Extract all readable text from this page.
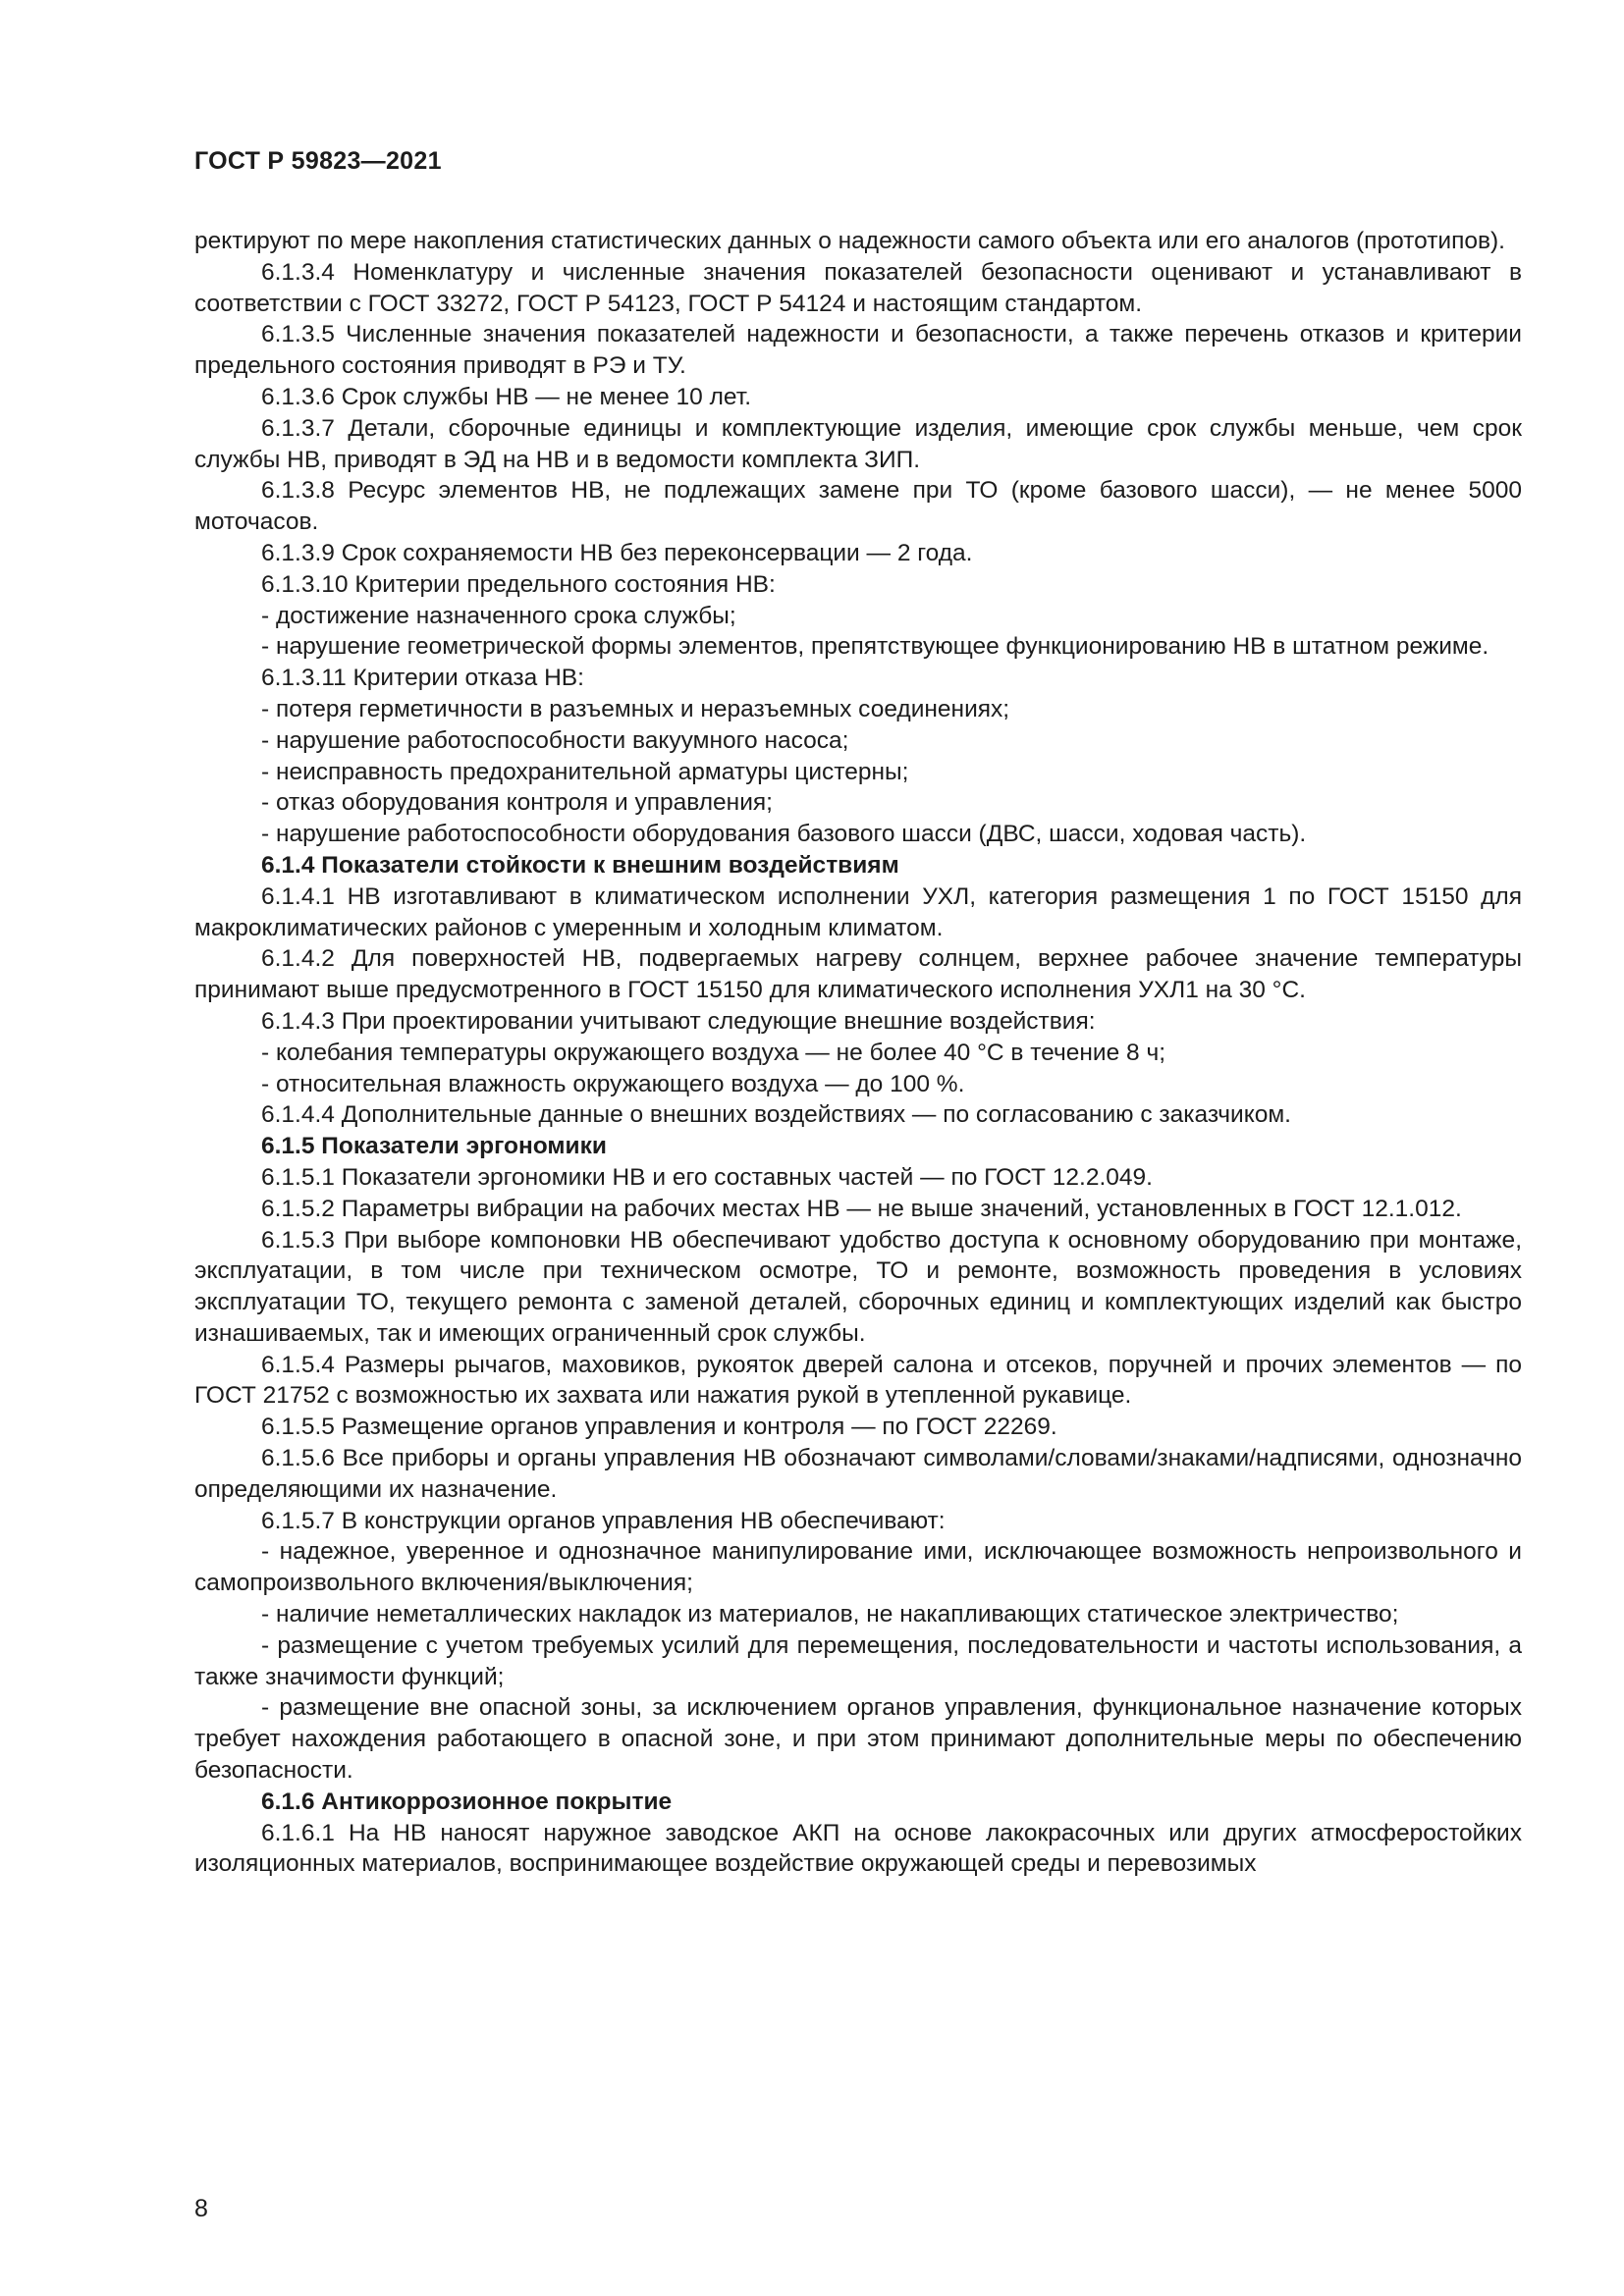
ГОСТ Р 59823—2021

ректируют по мере накопления статистических данных о надежности самого объекта или его аналогов (прототипов).

6.1.3.4 Номенклатуру и численные значения показателей безопасности оценивают и устанавливают в соответствии с ГОСТ 33272, ГОСТ Р 54123, ГОСТ Р 54124 и настоящим стандартом.

6.1.3.5 Численные значения показателей надежности и безопасности, а также перечень отказов и критерии предельного состояния приводят в РЭ и ТУ.

6.1.3.6 Срок службы НВ — не менее 10 лет.

6.1.3.7 Детали, сборочные единицы и комплектующие изделия, имеющие срок службы меньше, чем срок службы НВ, приводят в ЭД на НВ и в ведомости комплекта ЗИП.

6.1.3.8 Ресурс элементов НВ, не подлежащих замене при ТО (кроме базового шасси), — не менее 5000 моточасов.

6.1.3.9 Срок сохраняемости НВ без переконсервации — 2 года.

6.1.3.10 Критерии предельного состояния НВ:

- достижение назначенного срока службы;

- нарушение геометрической формы элементов, препятствующее функционированию НВ в штатном режиме.

6.1.3.11 Критерии отказа НВ:

- потеря герметичности в разъемных и неразъемных соединениях;

- нарушение работоспособности вакуумного насоса;

- неисправность предохранительной арматуры цистерны;

- отказ оборудования контроля и управления;

- нарушение работоспособности оборудования базового шасси (ДВС, шасси, ходовая часть).

6.1.4 Показатели стойкости к внешним воздействиям

6.1.4.1 НВ изготавливают в климатическом исполнении УХЛ, категория размещения 1 по ГОСТ 15150 для макроклиматических районов с умеренным и холодным климатом.

6.1.4.2 Для поверхностей НВ, подвергаемых нагреву солнцем, верхнее рабочее значение температуры принимают выше предусмотренного в ГОСТ 15150 для климатического исполнения УХЛ1 на 30 °С.

6.1.4.3 При проектировании учитывают следующие внешние воздействия:

- колебания температуры окружающего воздуха — не более 40 °С в течение 8 ч;

- относительная влажность окружающего воздуха — до 100 %.

6.1.4.4 Дополнительные данные о внешних воздействиях — по согласованию с заказчиком.

6.1.5 Показатели эргономики

6.1.5.1 Показатели эргономики НВ и его составных частей — по ГОСТ 12.2.049.

6.1.5.2 Параметры вибрации на рабочих местах НВ — не выше значений, установленных в ГОСТ 12.1.012.

6.1.5.3 При выборе компоновки НВ обеспечивают удобство доступа к основному оборудованию при монтаже, эксплуатации, в том числе при техническом осмотре, ТО и ремонте, возможность проведения в условиях эксплуатации ТО, текущего ремонта с заменой деталей, сборочных единиц и комплектующих изделий как быстро изнашиваемых, так и имеющих ограниченный срок службы.

6.1.5.4 Размеры рычагов, маховиков, рукояток дверей салона и отсеков, поручней и прочих элементов — по ГОСТ 21752 с возможностью их захвата или нажатия рукой в утепленной рукавице.

6.1.5.5 Размещение органов управления и контроля — по ГОСТ 22269.

6.1.5.6 Все приборы и органы управления НВ обозначают символами/словами/знаками/надписями, однозначно определяющими их назначение.

6.1.5.7 В конструкции органов управления НВ обеспечивают:

- надежное, уверенное и однозначное манипулирование ими, исключающее возможность непроизвольного и самопроизвольного включения/выключения;

- наличие неметаллических накладок из материалов, не накапливающих статическое электричество;

- размещение с учетом требуемых усилий для перемещения, последовательности и частоты использования, а также значимости функций;

- размещение вне опасной зоны, за исключением органов управления, функциональное назначение которых требует нахождения работающего в опасной зоне, и при этом принимают дополнительные меры по обеспечению безопасности.

6.1.6 Антикоррозионное покрытие

6.1.6.1 На НВ наносят наружное заводское АКП на основе лакокрасочных или других атмосферостойких изоляционных материалов, воспринимающее воздействие окружающей среды и перевозимых

8
